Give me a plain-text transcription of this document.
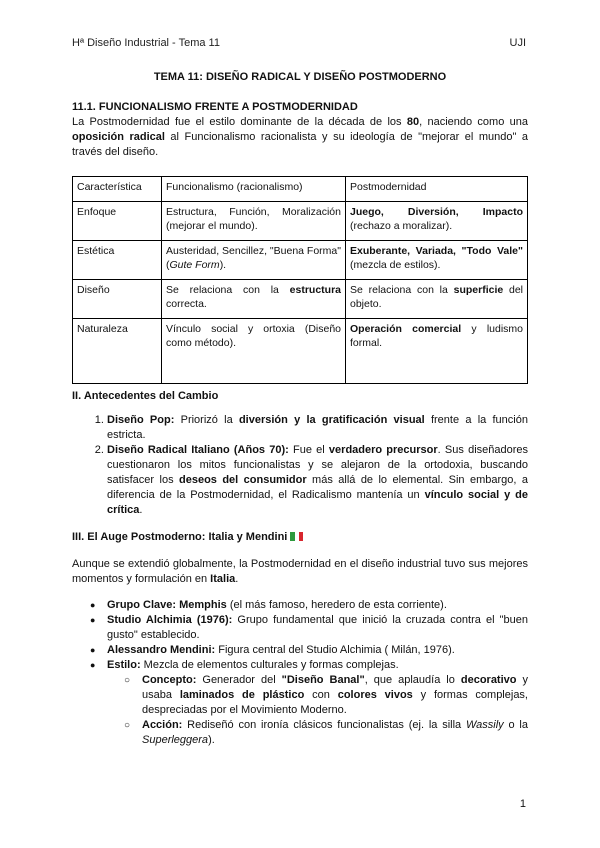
Hª Diseño Industrial - Tema 11	UJI
TEMA 11: DISEÑO RADICAL Y DISEÑO POSTMODERNO
11.1. FUNCIONALISMO FRENTE A POSTMODERNIDAD
La Postmodernidad fue el estilo dominante de la década de los 80, naciendo como una oposición radical al Funcionalismo racionalista y su ideología de "mejorar el mundo" a través del diseño.
Característica	Funcionalismo (racionalismo)	Postmodernidad
Enfoque	Estructura, Función, Moralización (mejorar el mundo).	Juego, Diversión, Impacto (rechazo a moralizar).
Estética	Austeridad, Sencillez, "Buena Forma" (Gute Form).	Exuberante, Variada, "Todo Vale" (mezcla de estilos).
Diseño	Se relaciona con la estructura correcta.	Se relaciona con la superficie del objeto.
Naturaleza	Vínculo social y ortoxia (Diseño como método).	Operación comercial y ludismo formal.
II. Antecedentes del Cambio
1. Diseño Pop: Priorizó la diversión y la gratificación visual frente a la función estricta.
2. Diseño Radical Italiano (Años 70): Fue el verdadero precursor. Sus diseñadores cuestionaron los mitos funcionalistas y se alejaron de la ortodoxia, buscando satisfacer los deseos del consumidor más allá de lo elemental. Sin embargo, a diferencia de la Postmodernidad, el Radicalismo mantenía un vínculo social y de crítica.
III. El Auge Postmoderno: Italia y Mendini
Aunque se extendió globalmente, la Postmodernidad en el diseño industrial tuvo sus mejores momentos y formulación en Italia.
● Grupo Clave: Memphis (el más famoso, heredero de esta corriente).
● Studio Alchimia (1976): Grupo fundamental que inició la cruzada contra el "buen gusto" establecido.
● Alessandro Mendini: Figura central del Studio Alchimia ( Milán, 1976).
● Estilo: Mezcla de elementos culturales y formas complejas.
○ Concepto: Generador del "Diseño Banal", que aplaudía lo decorativo y usaba laminados de plástico con colores vivos y formas complejas, despreciadas por el Movimiento Moderno.
○ Acción: Rediseñó con ironía clásicos funcionalistas (ej. la silla Wassily o la Superleggera).
1
